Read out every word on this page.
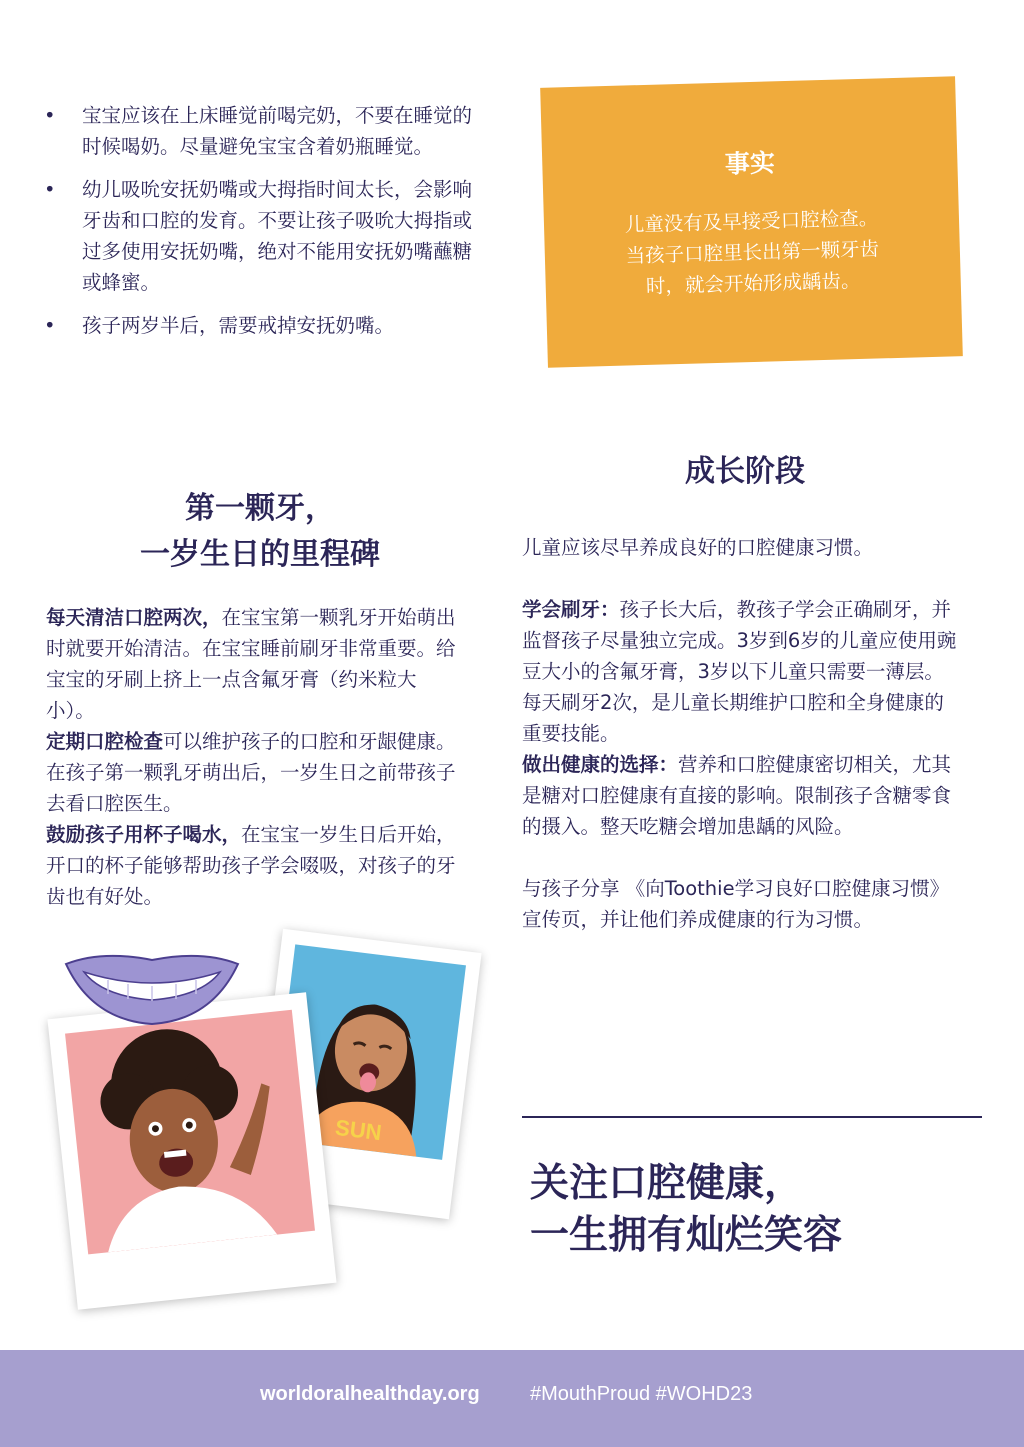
• 宝宝应该在上床睡觉前喝完奶，不要在睡觉的时候喝奶。尽量避免宝宝含着奶瓶睡觉。
• 幼儿吸吮安抚奶嘴或大拇指时间太长，会影响牙齿和口腔的发育。不要让孩子吸吮大拇指或过多使用安抚奶嘴，绝对不能用安抚奶嘴蘸糖或蜂蜜。
• 孩子两岁半后，需要戒掉安抚奶嘴。
事实
儿童没有及早接受口腔检查。
当孩子口腔里长出第一颗牙齿
时，就会开始形成龋齿。
第一颗牙，
一岁生日的里程碑
成长阶段
每天清洁口腔两次，在宝宝第一颗乳牙开始萌出时就要开始清洁。在宝宝睡前刷牙非常重要。给宝宝的牙刷上挤上一点含氟牙膏（约米粒大小）。
定期口腔检查可以维护孩子的口腔和牙龈健康。在孩子第一颗乳牙萌出后，一岁生日之前带孩子去看口腔医生。
鼓励孩子用杯子喝水，在宝宝一岁生日后开始，开口的杯子能够帮助孩子学会啜吸，对孩子的牙齿也有好处。

儿童应该尽早养成良好的口腔健康习惯。

学会刷牙：孩子长大后，教孩子学会正确刷牙，并监督孩子尽量独立完成。3岁到6岁的儿童应使用豌豆大小的含氟牙膏，3岁以下儿童只需要一薄层。每天刷牙2次，是儿童长期维护口腔和全身健康的重要技能。

做出健康的选择：营养和口腔健康密切相关，尤其是糖对口腔健康有直接的影响。限制孩子含糖零食的摄入。整天吃糖会增加患龋的风险。

与孩子分享 《向Toothie学习良好口腔健康习惯》宣传页，并让他们养成健康的行为习惯。

关注口腔健康，
一生拥有灿烂笑容
SUN
worldoralhealthday.org	#MouthProud #WOHD23
